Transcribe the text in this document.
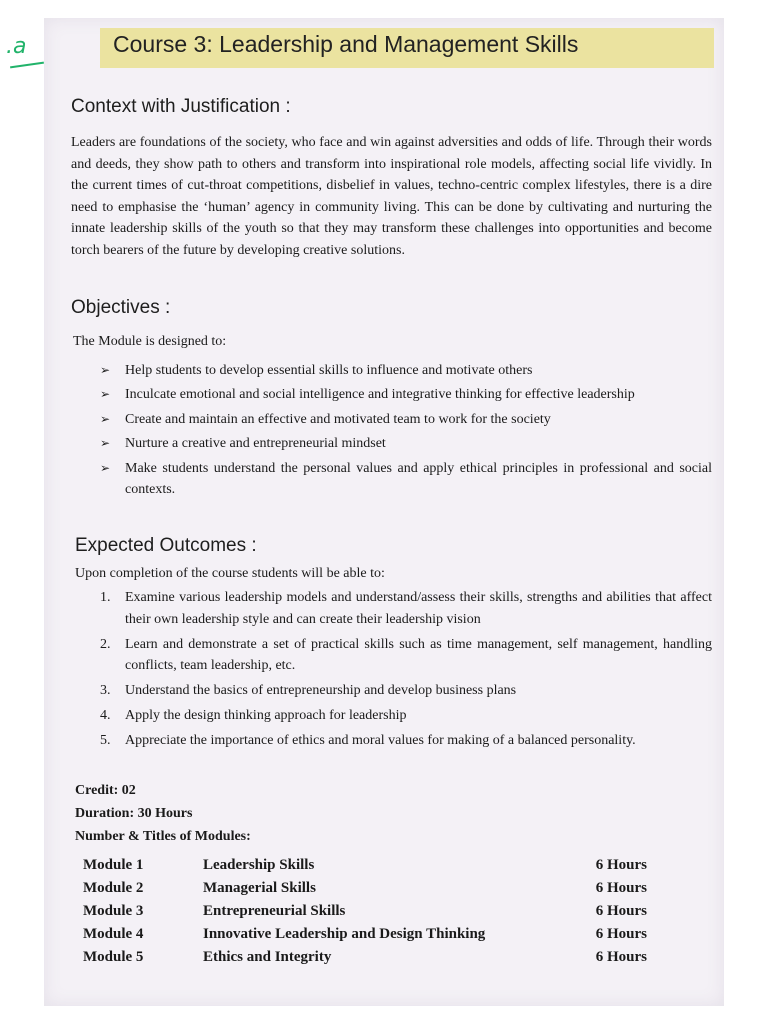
.a	Course 3: Leadership and Management Skills
Context with Justification :
Leaders are foundations of the society, who face and win against adversities and odds of life. Through their words and deeds, they show path to others and transform into inspirational role models, affecting social life vividly. In the current times of cut-throat competitions, disbelief in values, techno-centric complex lifestyles, there is a dire need to emphasise the ‘human’ agency in community living. This can be done by cultivating and nurturing the innate leadership skills of the youth so that they may transform these challenges into opportunities and become torch bearers of the future by developing creative solutions.
Objectives :
The Module is designed to:
➢ Help students to develop essential skills to influence and motivate others
➢ Inculcate emotional and social intelligence and integrative thinking for effective leadership
➢ Create and maintain an effective and motivated team to work for the society
➢ Nurture a creative and entrepreneurial mindset
➢ Make students understand the personal values and apply ethical principles in professional and social contexts.
Expected Outcomes :
Upon completion of the course students will be able to:
1. Examine various leadership models and understand/assess their skills, strengths and abilities that affect their own leadership style and can create their leadership vision
2. Learn and demonstrate a set of practical skills such as time management, self management, handling conflicts, team leadership, etc.
3. Understand the basics of entrepreneurship and develop business plans
4. Apply the design thinking approach for leadership
5. Appreciate the importance of ethics and moral values for making of a balanced personality.
Credit: 02
Duration: 30 Hours
Number & Titles of Modules:
Module 1	Leadership Skills	6 Hours
Module 2	Managerial Skills	6 Hours
Module 3	Entrepreneurial Skills	6 Hours
Module 4	Innovative Leadership and Design Thinking	6 Hours
Module 5	Ethics and Integrity	6 Hours
